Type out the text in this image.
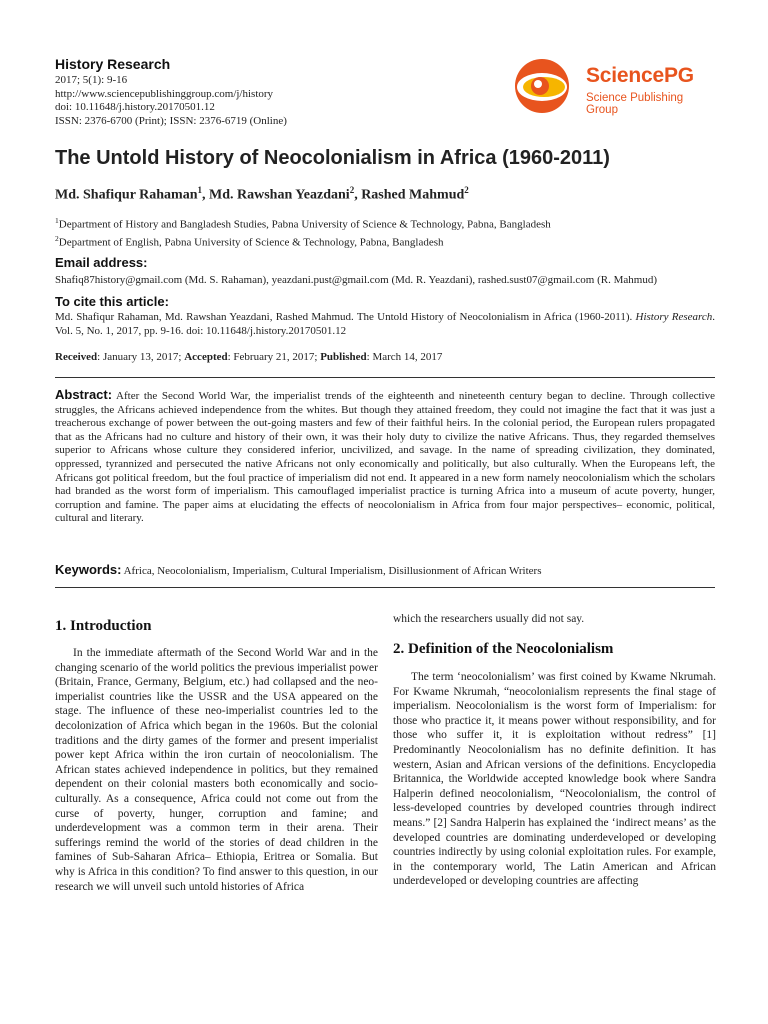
History Research
2017; 5(1): 9-16
http://www.sciencepublishinggroup.com/j/history
doi: 10.11648/j.history.20170501.12
ISSN: 2376-6700 (Print); ISSN: 2376-6719 (Online)
SciencePG
Science Publishing Group
The Untold History of Neocolonialism in Africa (1960-2011)
Md. Shafiqur Rahaman$^1$, Md. Rawshan Yeazdani$^2$, Rashed Mahmud$^2$
$^1$Department of History and Bangladesh Studies, Pabna University of Science & Technology, Pabna, Bangladesh
$^2$Department of English, Pabna University of Science & Technology, Pabna, Bangladesh
Email address:
Shafiq87history@gmail.com (Md. S. Rahaman), yeazdani.pust@gmail.com (Md. R. Yeazdani), rashed.sust07@gmail.com (R. Mahmud)
To cite this article:
Md. Shafiqur Rahaman, Md. Rawshan Yeazdani, Rashed Mahmud. The Untold History of Neocolonialism in Africa (1960-2011). History Research. Vol. 5, No. 1, 2017, pp. 9-16. doi: 10.11648/j.history.20170501.12
Received: January 13, 2017; Accepted: February 21, 2017; Published: March 14, 2017
Abstract: After the Second World War, the imperialist trends of the eighteenth and nineteenth century began to decline. Through collective struggles, the Africans achieved independence from the whites. But though they attained freedom, they could not imagine the fact that it was just a treacherous exchange of power between the out-going masters and few of their faithful heirs. In the colonial period, the European rulers propagated that as the Africans had no culture and history of their own, it was their holy duty to civilize the native Africans. Thus, they regarded themselves superior to Africans whose culture they considered inferior, uncivilized, and savage. In the name of spreading civilization, they dominated, oppressed, tyrannized and persecuted the native Africans not only economically and politically, but also culturally. When the Europeans left, the Africans got political freedom, but the foul practice of imperialism did not end. It appeared in a new form namely neocolonialism which the scholars had branded as the worst form of imperialism. This camouflaged imperialist practice is turning Africa into a museum of acute poverty, hunger, corruption and famine. The paper aims at elucidating the effects of neocolonialism in Africa from four major perspectives– economic, political, cultural and literary.
Keywords: Africa, Neocolonialism, Imperialism, Cultural Imperialism, Disillusionment of African Writers
1. Introduction
In the immediate aftermath of the Second World War and in the changing scenario of the world politics the previous imperialist power (Britain, France, Germany, Belgium, etc.) had collapsed and the neo-imperialist countries like the USSR and the USA appeared on the stage. The influence of these neo-imperialist countries led to the decolonization of Africa which began in the 1960s. But the colonial traditions and the dirty games of the former and present imperialist power kept Africa within the iron curtain of neocolonialism. The African states achieved independence in politics, but they remained dependent on their colonial masters both economically and socio-culturally. As a consequence, Africa could not come out from the curse of poverty, hunger, corruption and famine; and underdevelopment was a common term in their arena. Their sufferings remind the world of the stories of dead children in the famines of Sub-Saharan Africa– Ethiopia, Eritrea or Somalia. But why is Africa in this condition? To find answer to this question, in our research we will unveil such untold histories of Africa
which the researchers usually did not say.
2. Definition of the Neocolonialism
The term ‘neocolonialism’ was first coined by Kwame Nkrumah. For Kwame Nkrumah, “neocolonialism represents the final stage of imperialism. Neocolonialism is the worst form of Imperialism: for those who practice it, it means power without responsibility, and for those who suffer it, it is exploitation without redress” [1] Predominantly Neocolonialism has no definite definition. It has western, Asian and African versions of the definitions. Encyclopedia Britannica, the Worldwide accepted knowledge book where Sandra Halperin defined neocolonialism, “Neocolonialism, the control of less-developed countries by developed countries through indirect means.” [2] Sandra Halperin has explained the ‘indirect means’ as the developed countries are dominating underdeveloped or developing countries indirectly by using colonial exploitation rules. For example, in the contemporary world, The Latin American and African underdeveloped or developing countries are affecting
